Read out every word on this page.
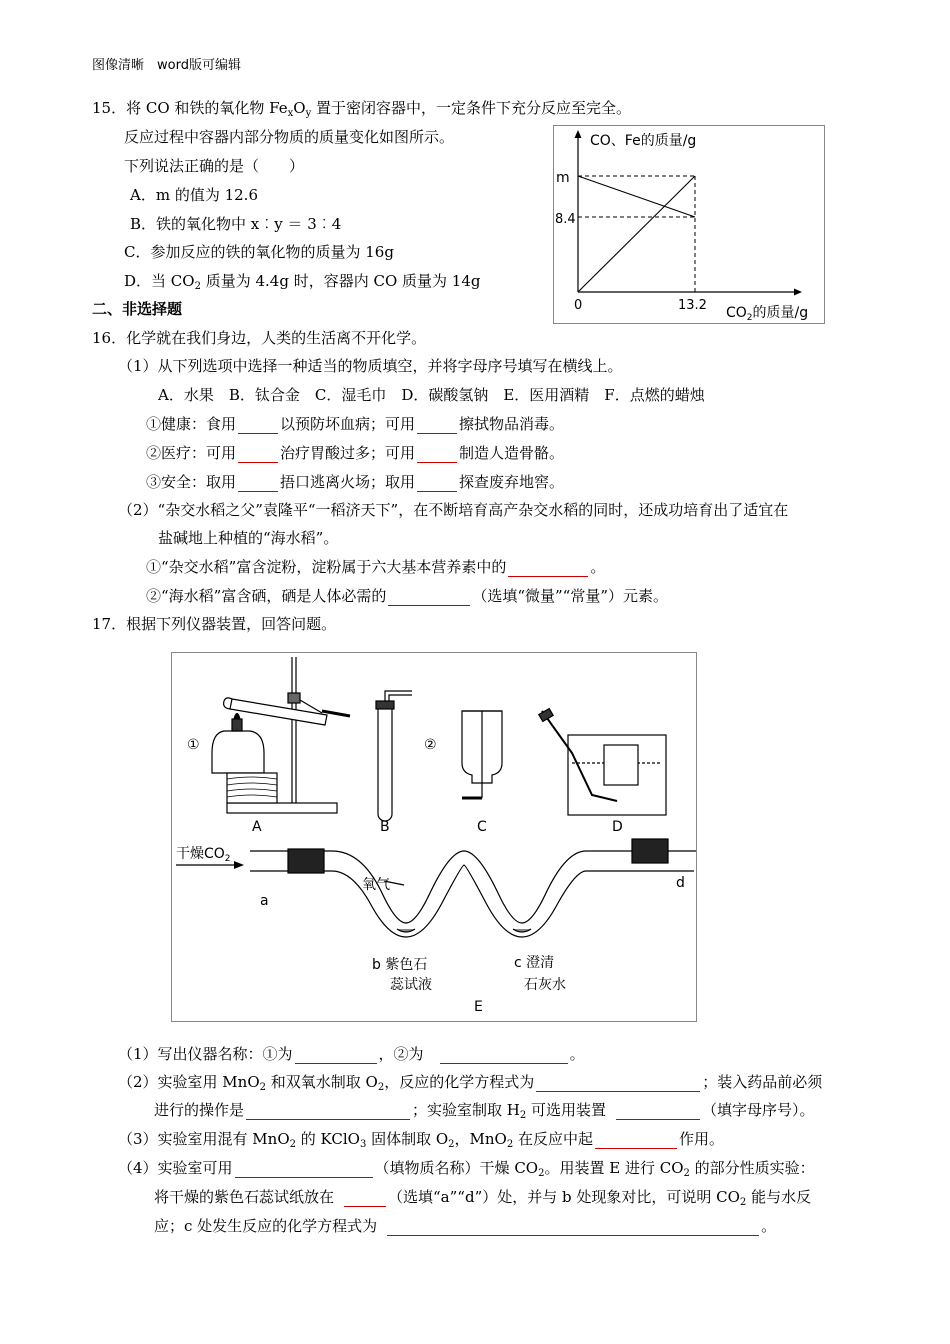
图像清晰　word版可编辑
15．将 CO 和铁的氧化物 $Fe_xO_y$ 置于密闭容器中，一定条件下充分反应至完全。
反应过程中容器内部分物质的质量变化如图所示。
下列说法正确的是（　　）
A．m 的值为 12.6
B．铁的氧化物中 x︰y ＝ 3︰4
C．参加反应的铁的氧化物的质量为 16g
D．当 $CO_2$ 质量为 4.4g 时，容器内 CO 质量为 14g
CO、Fe的质量/g
m
8.4
0	13.2 $CO_2$的质量/g
二、非选择题
16．化学就在我们身边，人类的生活离不开化学。
（1）从下列选项中选择一种适当的物质填空，并将字母序号填写在横线上。
A．水果　B．钛合金　C．湿毛巾　D．碳酸氢钠　E．医用酒精　F．点燃的蜡烛
①健康：食用	以预防坏血病；可用	擦拭物品消毒。
②医疗：可用	治疗胃酸过多；可用	制造人造骨骼。
③安全：取用	捂口逃离火场；取用	探查废弃地窖。
（2）“杂交水稻之父”袁隆平“一稻济天下”，在不断培育高产杂交水稻的同时，还成功培育出了适宜在
盐碱地上种植的“海水稻”。
①“杂交水稻”富含淀粉，淀粉属于六大基本营养素中的	。
②“海水稻”富含硒，硒是人体必需的	（选填“微量”“常量”）元素。
17．根据下列仪器装置，回答问题。
①
A	B
②
C	D
干燥$CO_2$
a
氧气
b 紫色石
蕊试液
c 澄清
石灰水
d
E
（1）写出仪器名称：①为	，②为	。
（2）实验室用 MnO$_2$ 和双氧水制取 $O_2$，反应的化学方程式为	；装入药品前必须
进行的操作是	；实验室制取 $H_2$ 可选用装置	（填字母序号）。
（3）实验室用混有 MnO$_2$ 的 KClO$_3$ 固体制取 $O_2$，MnO$_2$ 在反应中起	作用。
（4）实验室可用	（填物质名称）干燥 $CO_2$。用装置 E 进行 $CO_2$ 的部分性质实验：
将干燥的紫色石蕊试纸放在	（选填“a”“d”）处，并与 b 处现象对比，可说明 $CO_2$ 能与水反
应；c 处发生反应的化学方程式为	。
